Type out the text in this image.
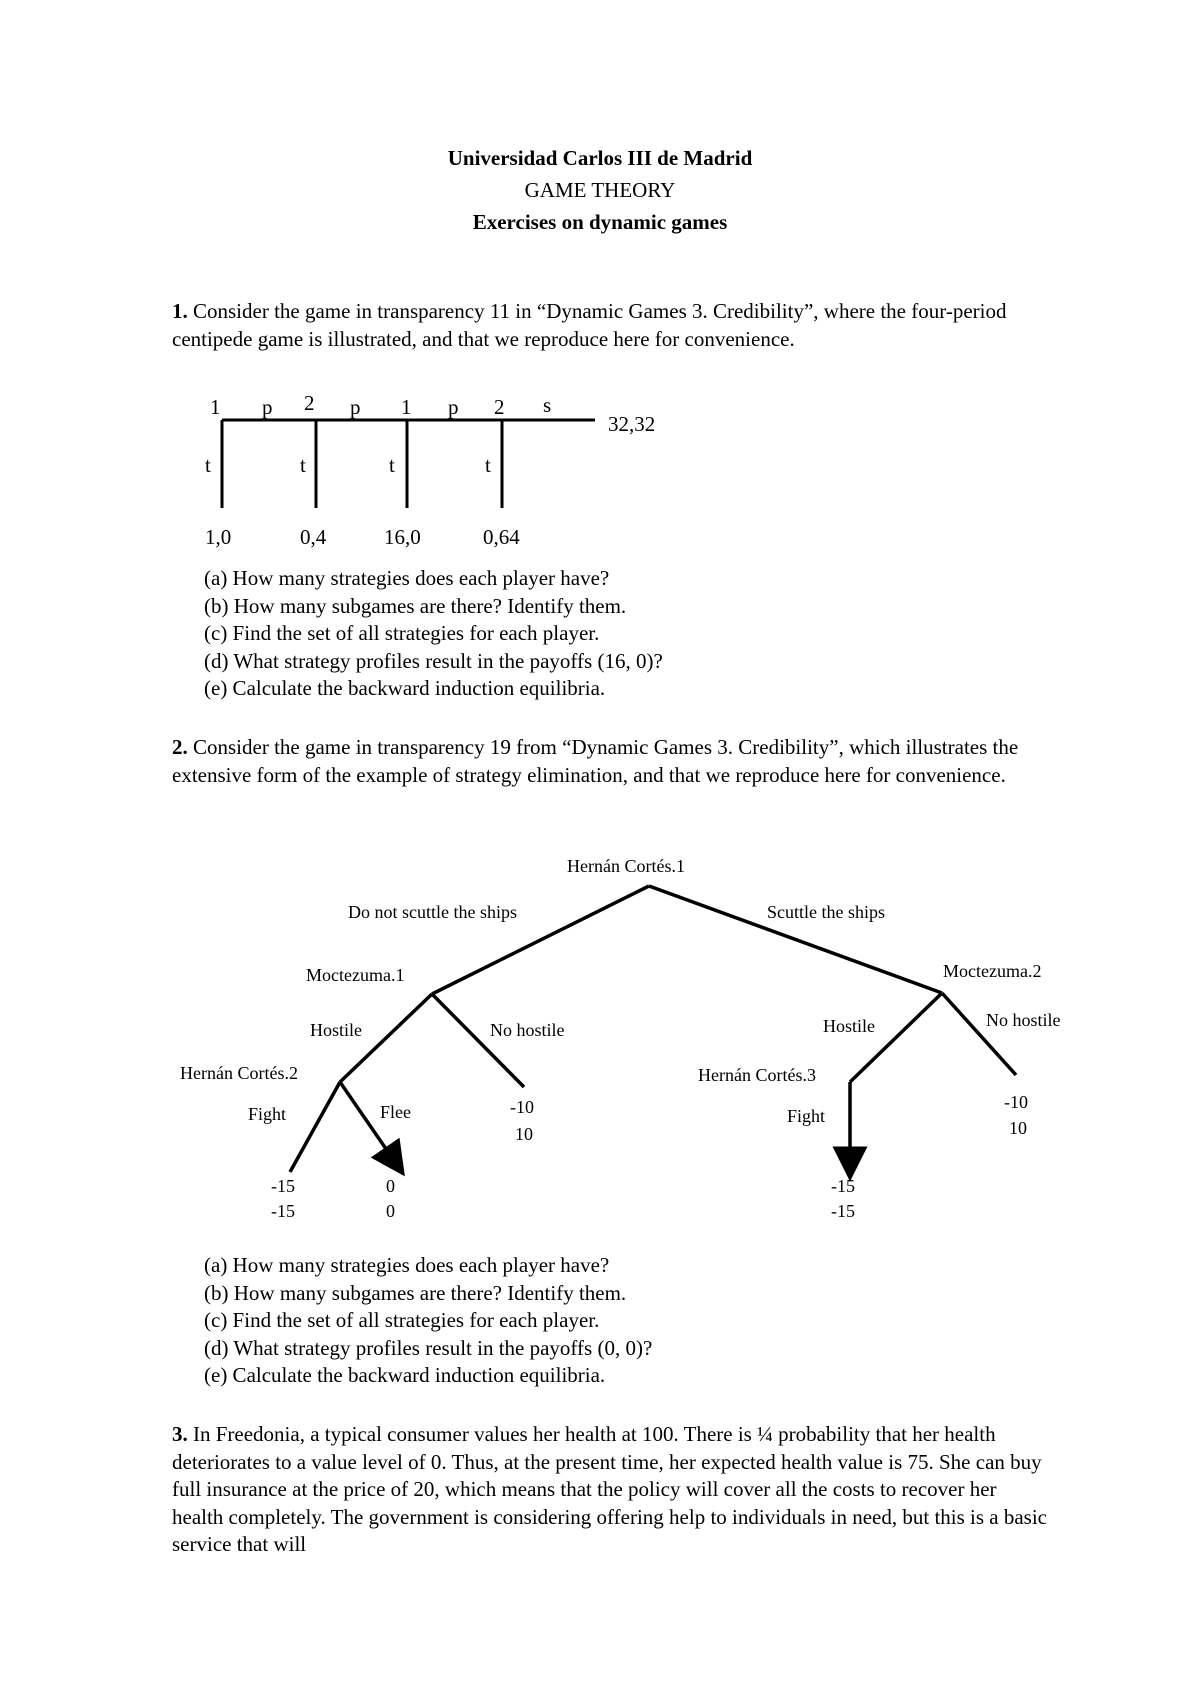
Universidad Carlos III de Madrid
GAME THEORY
Exercises on dynamic games
1. Consider the game in transparency 11 in “Dynamic Games 3. Credibility”, where the four-period centipede game is illustrated, and that we reproduce here for convenience.
1	2	1	2
p	p	p	s
32,32
t	t	t	t
1,0	0,4	16,0	0,64
(a) How many strategies does each player have?
(b) How many subgames are there? Identify them.
(c) Find the set of all strategies for each player.
(d) What strategy profiles result in the payoffs (16, 0)?
(e) Calculate the backward induction equilibria.
2. Consider the game in transparency 19 from “Dynamic Games 3. Credibility”, which illustrates the extensive form of the example of strategy elimination, and that we reproduce here for convenience.
Hernán Cortés.1
Do not scuttle the ships	Scuttle the ships
Moctezuma.1	Moctezuma.2
Hostile	No hostile	Hostile	No hostile
Hernán Cortés.2	Hernán Cortés.3
Fight	Flee	Fight
-10
10
-10
10
-15
-15
0
0
-15
-15
(a) How many strategies does each player have?
(b) How many subgames are there? Identify them.
(c) Find the set of all strategies for each player.
(d) What strategy profiles result in the payoffs (0, 0)?
(e) Calculate the backward induction equilibria.
3. In Freedonia, a typical consumer values her health at 100. There is ¼ probability that her health deteriorates to a value level of 0. Thus, at the present time, her expected health value is 75. She can buy full insurance at the price of 20, which means that the policy will cover all the costs to recover her health completely. The government is considering offering help to individuals in need, but this is a basic service that will
